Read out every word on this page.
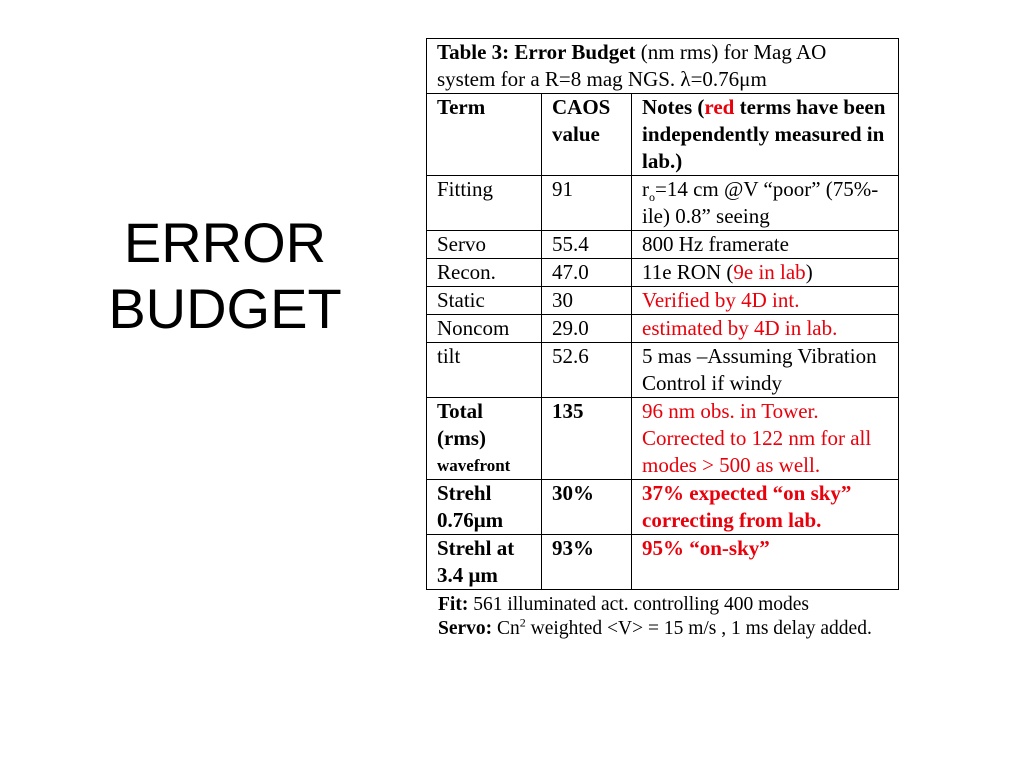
ERROR
BUDGET
Table 3: Error Budget (nm rms) for Mag AO system for a R=8 mag NGS. λ=0.76μm		
Term	CAOS value	Notes (red terms have been independently measured in lab.)
Fitting	91	$r_o=14$ cm @V “poor” (75%-ile) 0.8” seeing
Servo	55.4	800 Hz framerate
Recon.	47.0	11e RON (9e in lab)
Static	30	Verified by 4D int.
Noncom	29.0	estimated by 4D in lab.
tilt	52.6	5 mas –Assuming Vibration Control if windy

Total
(rms)
wavefront	135	96 nm obs. in Tower. Corrected to 122 nm for all modes > 500 as well.

Strehl
0.76μm	30%	37% expected “on sky” correcting from lab.

Strehl at
3.4 μm	93%	95% “on-sky”
Fit: 561 illuminated act. controlling 400 modes
Servo: Cn$^2$ weighted <V> = 15 m/s , 1 ms delay added.
